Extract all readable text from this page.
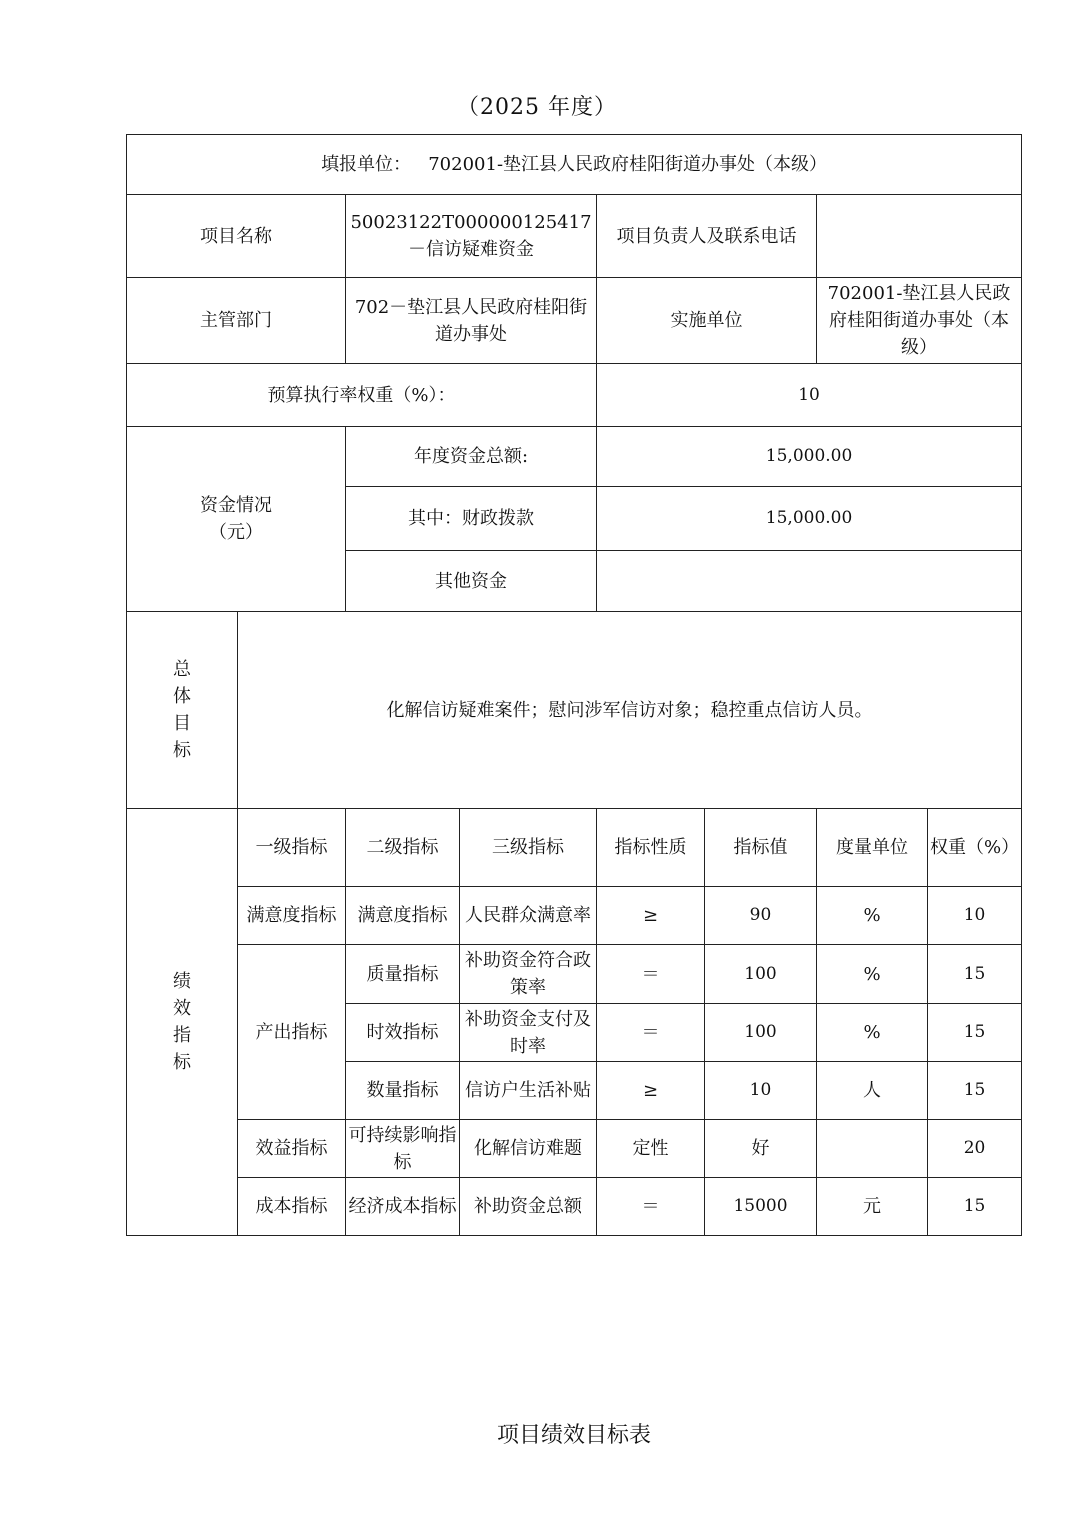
（2025 年度）
填报单位： 702001-垫江县人民政府桂阳街道办事处（本级）							
项目名称		50023122T000000125417－信访疑难资金		项目负责人及联系电话			
主管部门		702－垫江县人民政府桂阳街道办事处		实施单位		702001-垫江县人民政府桂阳街道办事处（本级）	
预算执行率权重（%）：				10			
资金情况（元）		年度资金总额:		15,000.00			
		其中：财政拨款		15,000.00			
		其他资金					
总体目标	化解信访疑难案件；慰问涉军信访对象；稳控重点信访人员。						
绩效指标	一级指标	二级指标	三级指标	指标性质	指标值	度量单位	权重（%）
	满意度指标	满意度指标	人民群众满意率	≥	90	%	10
	产出指标	质量指标	补助资金符合政策率	＝	100	%	15
		时效指标	补助资金支付及时率	＝	100	%	15
		数量指标	信访户生活补贴	≥	10	人	15
	效益指标	可持续影响指标	化解信访难题	定性	好		20
	成本指标	经济成本指标	补助资金总额	＝	15000	元	15
项目绩效目标表
